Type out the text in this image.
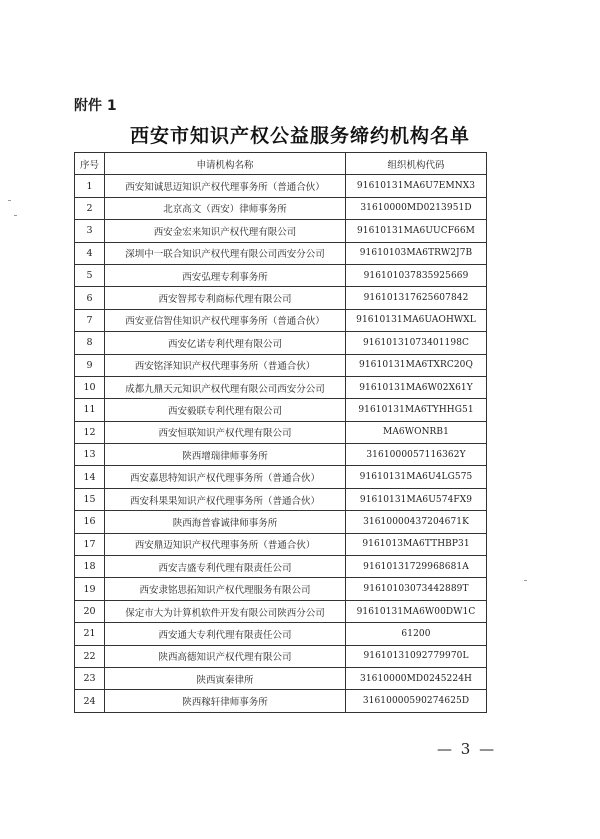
附件 1
西安市知识产权公益服务缔约机构名单
序号	申请机构名称	组织机构代码
1	西安知诚思迈知识产权代理事务所（普通合伙）	91610131MA6U7EMNX3
2	北京高文（西安）律师事务所	31610000MD0213951D
3	西安金宏来知识产权代理有限公司	91610131MA6UUCF66M
4	深圳中一联合知识产权代理有限公司西安分公司	91610103MA6TRW2J7B
5	西安弘理专利事务所	916101037835925669
6	西安智邦专利商标代理有限公司	916101317625607842
7	西安亚信智佳知识产权代理事务所（普通合伙）	91610131MA6UAOHWXL
8	西安亿诺专利代理有限公司	91610131073401198C
9	西安铭泽知识产权代理事务所（普通合伙）	91610131MA6TXRC20Q
10	成都九鼎天元知识产权代理有限公司西安分公司	91610131MA6W02X61Y
11	西安毅联专利代理有限公司	91610131MA6TYHHG51
12	西安恒联知识产权代理有限公司	MA6WONRB1
13	陕西增瑞律师事务所	3161000057116362Y
14	西安嘉思特知识产权代理事务所（普通合伙）	91610131MA6U4LG575
15	西安科果果知识产权代理事务所（普通合伙）	91610131MA6U574FX9
16	陕西海普睿诚律师事务所	31610000437204671K
17	西安鼎迈知识产权代理事务所（普通合伙）	9161013MA6TTHBP31
18	西安吉盛专利代理有限责任公司	91610131729968681A
19	西安隶铭思拓知识产权代理服务有限公司	91610103073442889T
20	保定市大为计算机软件开发有限公司陕西分公司	91610131MA6W00DW1C
21	西安通大专利代理有限责任公司	61200
22	陕西高德知识产权代理有限公司	91610131092779970L
23	陕西寅秦律所	31610000MD0245224H
24	陕西稼轩律师事务所	31610000590274625D
— 3 —
